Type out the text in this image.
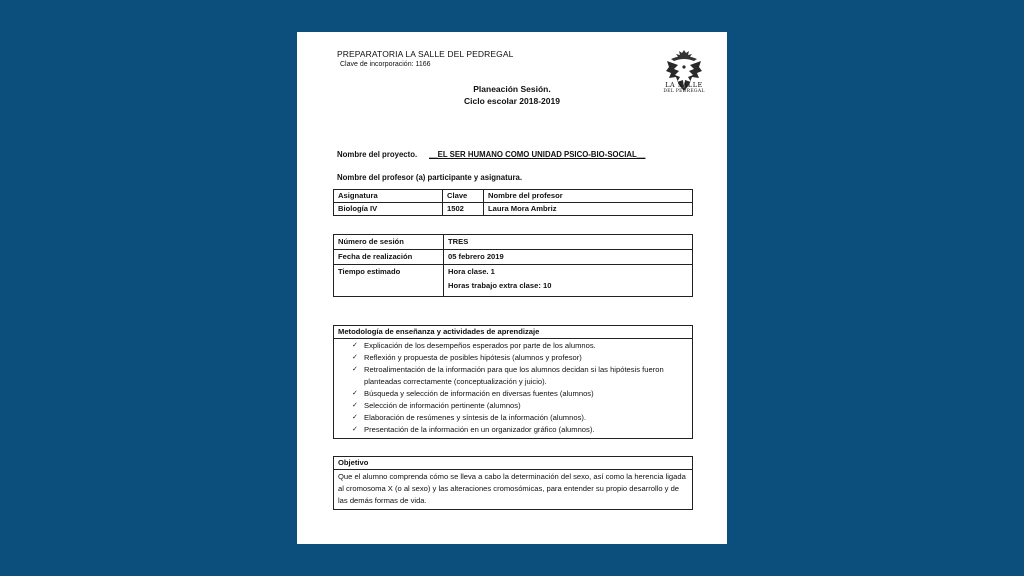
PREPARATORIA LA SALLE DEL PEDREGAL
Clave de incorporación: 1166
LA SALLE
DEL PEDREGAL
Planeación Sesión.
Ciclo escolar 2018-2019
Nombre del proyecto. __EL SER HUMANO COMO UNIDAD PSICO-BIO-SOCIAL__
Nombre del profesor (a) participante y asignatura.
Asignatura	Clave	Nombre del profesor
Biología IV	1502	Laura Mora Ambriz
Número de sesión	TRES
Fecha de realización	05 febrero 2019
Tiempo estimado	Hora clase. 1
Horas trabajo extra clase: 10
Metodología de enseñanza y actividades de aprendizaje

✓ Explicación de los desempeños esperados por parte de los alumnos.
✓ Reflexión y propuesta de posibles hipótesis (alumnos y profesor)
✓ Retroalimentación de la información para que los alumnos decidan si las hipótesis fueron planteadas correctamente (conceptualización y juicio).
✓ Búsqueda y selección de información en diversas fuentes (alumnos)
✓ Selección de información pertinente (alumnos)
✓ Elaboración de resúmenes y síntesis de la información (alumnos).
✓ Presentación de la información en un organizador gráfico (alumnos).
Objetivo
Que el alumno comprenda cómo se lleva a cabo la determinación del sexo, así como la herencia ligada al cromosoma X (o al sexo) y las alteraciones cromosómicas, para entender su propio desarrollo y de las demás formas de vida.
